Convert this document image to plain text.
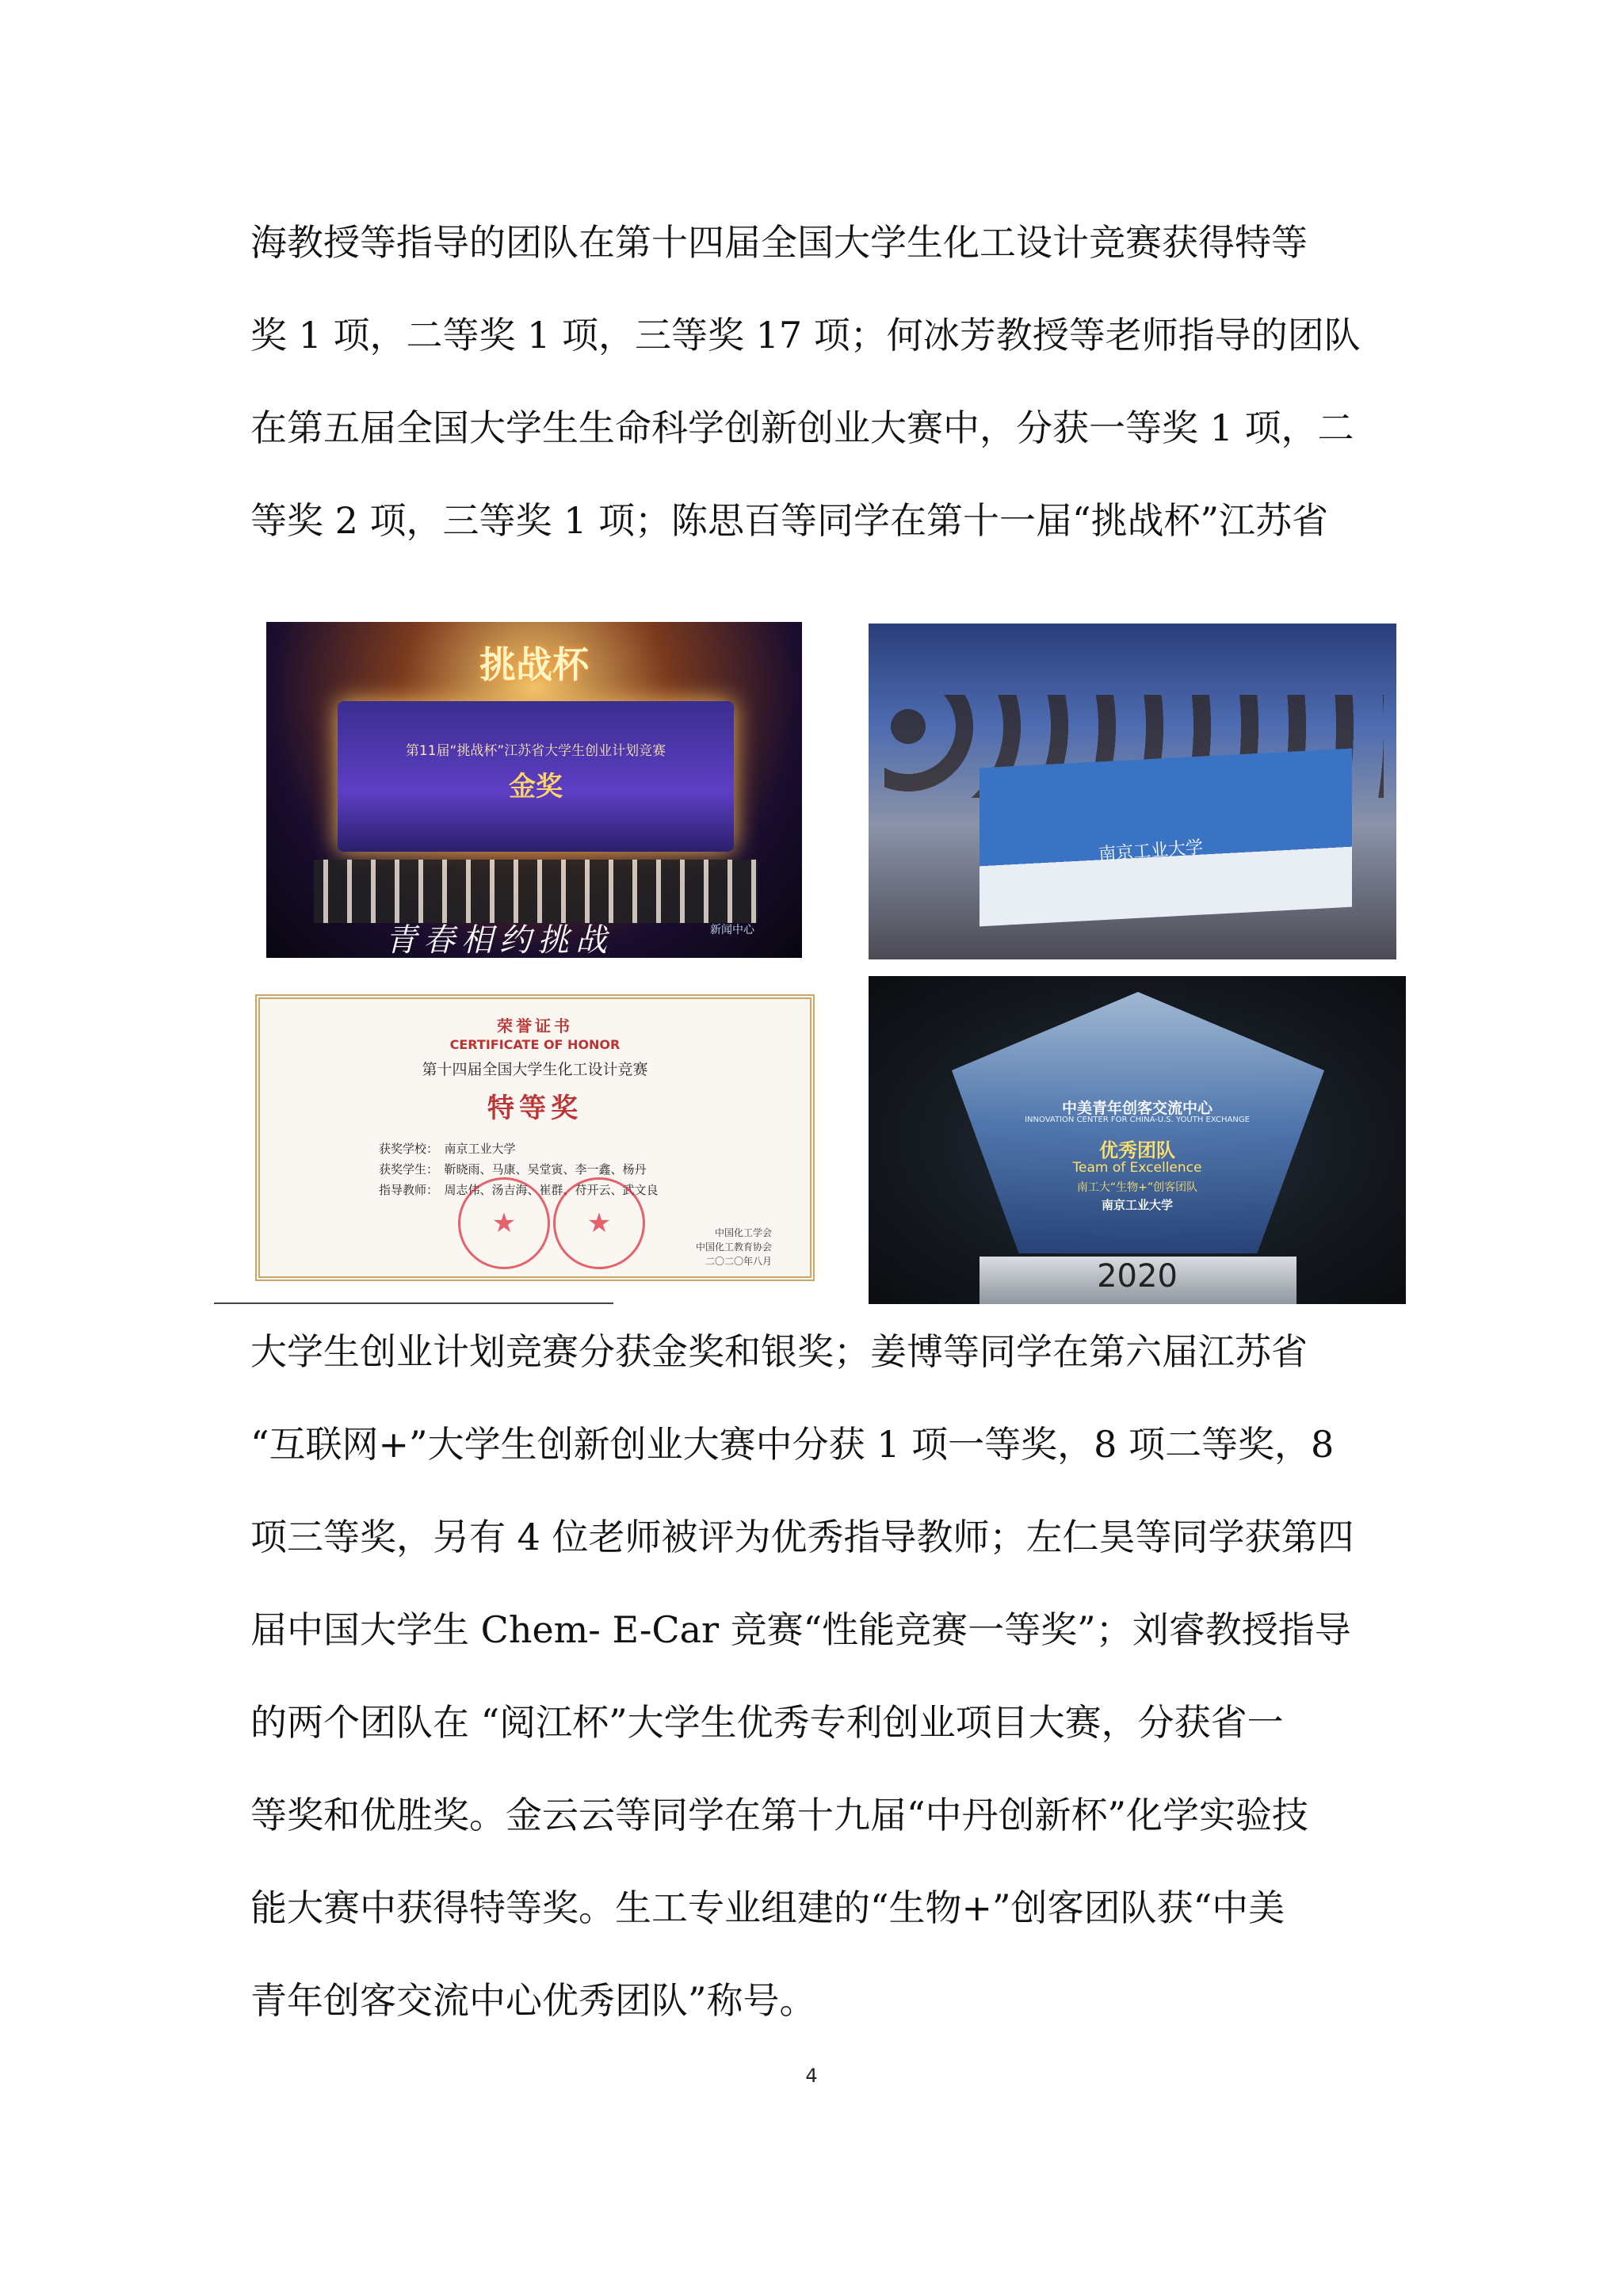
海教授等指导的团队在第十四届全国大学生化工设计竞赛获得特等
奖 1 项，二等奖 1 项，三等奖 17 项；何冰芳教授等老师指导的团队
在第五届全国大学生生命科学创新创业大赛中，分获一等奖 1 项，二
等奖 2 项，三等奖 1 项；陈思百等同学在第十一届“挑战杯”江苏省
第11届“挑战杯”江苏省大学生创业计划竞赛
金奖
挑战杯
青春相约挑战	新闻中心
南京工业大学
荣誉证书
CERTIFICATE OF HONOR
第十四届全国大学生化工设计竞赛
特等奖
获奖学校：　南京工业大学
获奖学生：　靳晓雨、马康、吴堂寅、李一鑫、杨丹
指导教师：　周志伟、汤吉海、崔群、苻开云、武文良
★	★	中国化工学会
中国化工教育协会
二〇二〇年八月
中美青年创客交流中心
INNOVATION CENTER FOR CHINA-U.S. YOUTH EXCHANGE
优秀团队
Team of Excellence
南工大“生物+”创客团队
南京工业大学
2020
大学生创业计划竞赛分获金奖和银奖；姜博等同学在第六届江苏省
“互联网+”大学生创新创业大赛中分获 1 项一等奖，8 项二等奖，8
项三等奖，另有 4 位老师被评为优秀指导教师；左仁昊等同学获第四
届中国大学生 Chem- E-Car 竞赛“性能竞赛一等奖”；刘睿教授指导
的两个团队在 “阅江杯”大学生优秀专利创业项目大赛，分获省一
等奖和优胜奖。金云云等同学在第十九届“中丹创新杯”化学实验技
能大赛中获得特等奖。生工专业组建的“生物+”创客团队获“中美
青年创客交流中心优秀团队”称号。
4
